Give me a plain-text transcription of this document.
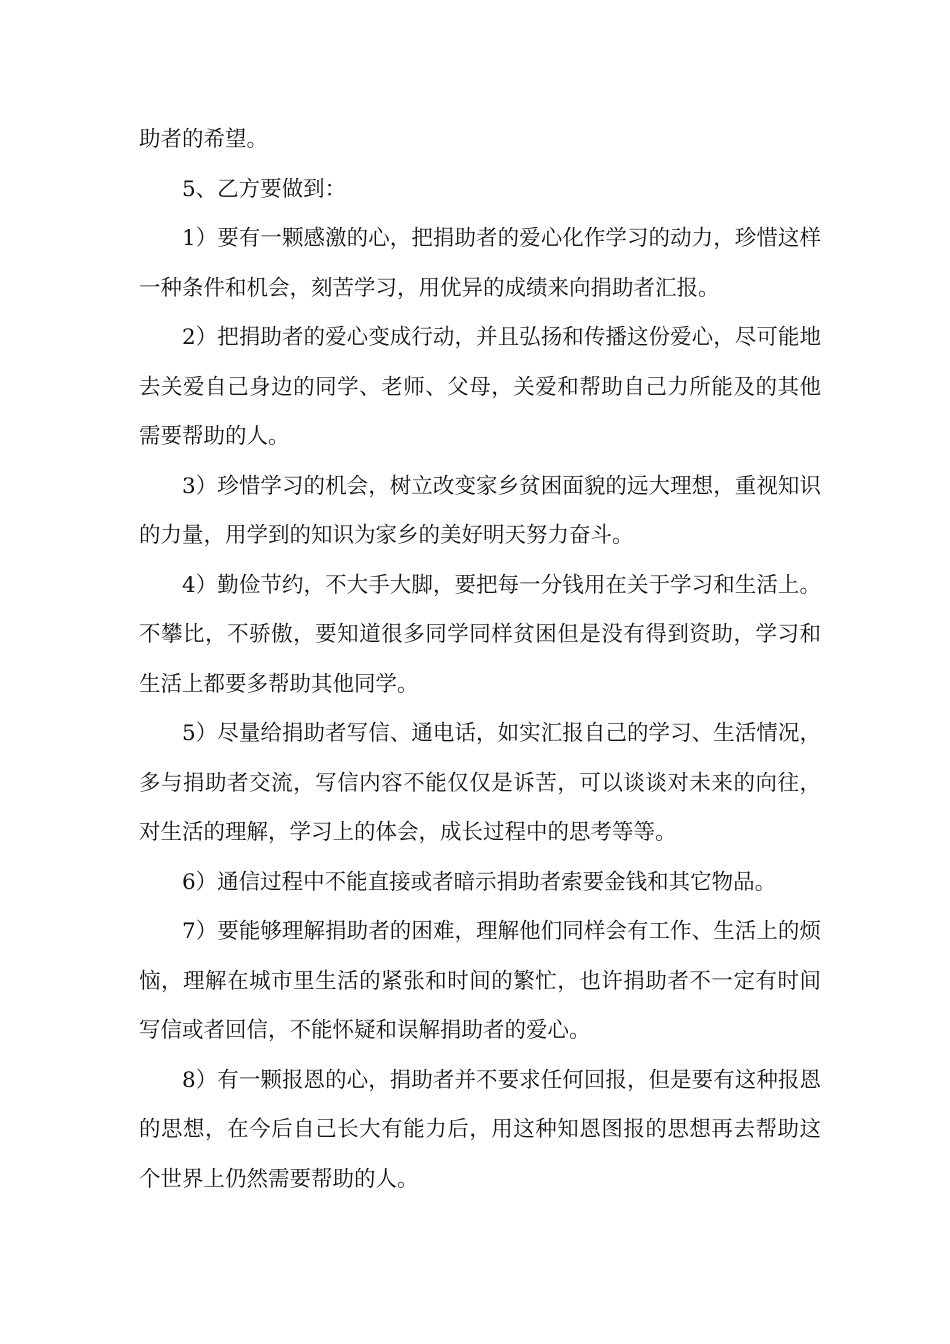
助者的希望。

5、乙方要做到：

1）要有一颗感激的心，把捐助者的爱心化作学习的动力，珍惜这样一种条件和机会，刻苦学习，用优异的成绩来向捐助者汇报。

2）把捐助者的爱心变成行动，并且弘扬和传播这份爱心，尽可能地去关爱自己身边的同学、老师、父母，关爱和帮助自己力所能及的其他需要帮助的人。

3）珍惜学习的机会，树立改变家乡贫困面貌的远大理想，重视知识的力量，用学到的知识为家乡的美好明天努力奋斗。

4）勤俭节约，不大手大脚，要把每一分钱用在关于学习和生活上。不攀比，不骄傲，要知道很多同学同样贫困但是没有得到资助，学习和生活上都要多帮助其他同学。

5）尽量给捐助者写信、通电话，如实汇报自己的学习、生活情况，多与捐助者交流，写信内容不能仅仅是诉苦，可以谈谈对未来的向往，对生活的理解，学习上的体会，成长过程中的思考等等。

6）通信过程中不能直接或者暗示捐助者索要金钱和其它物品。

7）要能够理解捐助者的困难，理解他们同样会有工作、生活上的烦恼，理解在城市里生活的紧张和时间的繁忙，也许捐助者不一定有时间写信或者回信，不能怀疑和误解捐助者的爱心。

8）有一颗报恩的心，捐助者并不要求任何回报，但是要有这种报恩的思想，在今后自己长大有能力后，用这种知恩图报的思想再去帮助这个世界上仍然需要帮助的人。
